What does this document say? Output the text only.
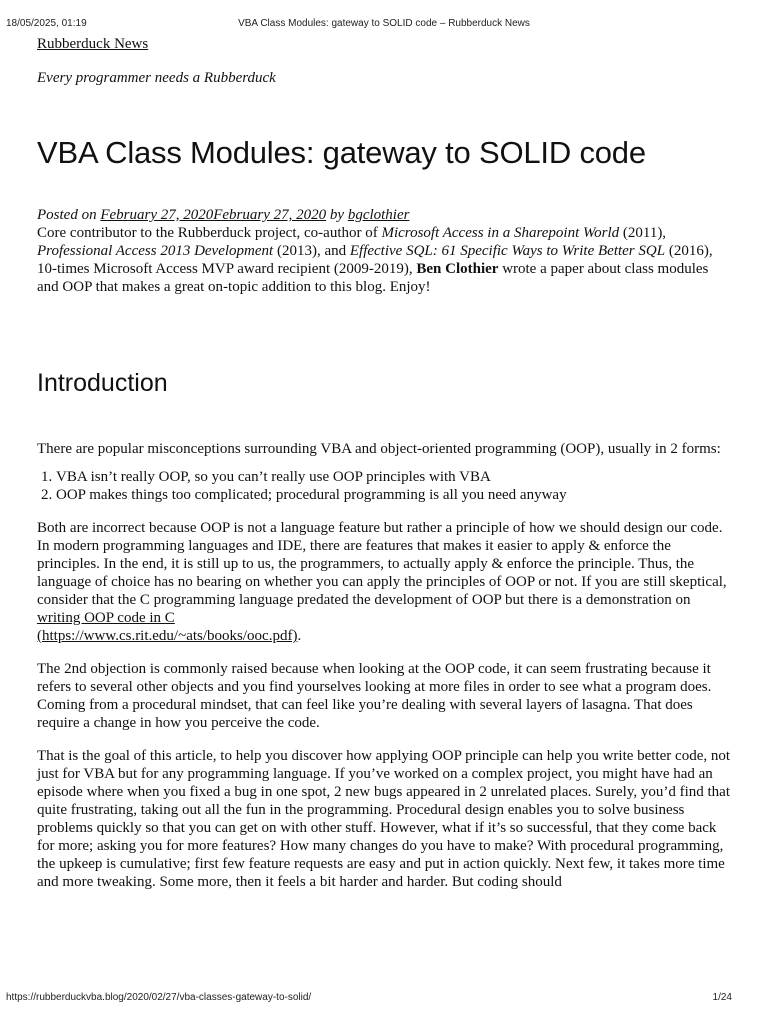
18/05/2025, 01:19	VBA Class Modules: gateway to SOLID code – Rubberduck News
Rubberduck News
Every programmer needs a Rubberduck
VBA Class Modules: gateway to SOLID code
Posted on February 27, 2020February 27, 2020 by bgclothier

Core contributor to the Rubberduck project, co-author of Microsoft Access in a Sharepoint World (2011), Professional Access 2013 Development (2013), and Effective SQL: 61 Specific Ways to Write Better SQL (2016), 10-times Microsoft Access MVP award recipient (2009-2019), Ben Clothier wrote a paper about class modules and OOP that makes a great on-topic addition to this blog. Enjoy!

Introduction

There are popular misconceptions surrounding VBA and object-oriented programming (OOP), usually in 2 forms:

1. VBA isn’t really OOP, so you can’t really use OOP principles with VBA
2. OOP makes things too complicated; procedural programming is all you need anyway

Both are incorrect because OOP is not a language feature but rather a principle of how we should design our code. In modern programming languages and IDE, there are features that makes it easier to apply & enforce the principles. In the end, it is still up to us, the programmers, to actually apply & enforce the principle. Thus, the language of choice has no bearing on whether you can apply the principles of OOP or not. If you are still skeptical, consider that the C programming language predated the development of OOP but there is a demonstration on writing OOP code in C
(https://www.cs.rit.edu/~ats/books/ooc.pdf).

The 2nd objection is commonly raised because when looking at the OOP code, it can seem frustrating because it refers to several other objects and you find yourselves looking at more files in order to see what a program does. Coming from a procedural mindset, that can feel like you’re dealing with several layers of lasagna. That does require a change in how you perceive the code.

That is the goal of this article, to help you discover how applying OOP principle can help you write better code, not just for VBA but for any programming language. If you’ve worked on a complex project, you might have had an episode where when you fixed a bug in one spot, 2 new bugs appeared in 2 unrelated places. Surely, you’d find that quite frustrating, taking out all the fun in the programming. Procedural design enables you to solve business problems quickly so that you can get on with other stuff. However, what if it’s so successful, that they come back for more; asking you for more features? How many changes do you have to make? With procedural programming, the upkeep is cumulative; first few feature requests are easy and put in action quickly. Next few, it takes more time and more tweaking. Some more, then it feels a bit harder and harder. But coding should

https://rubberduckvba.blog/2020/02/27/vba-classes-gateway-to-solid/	1/24
